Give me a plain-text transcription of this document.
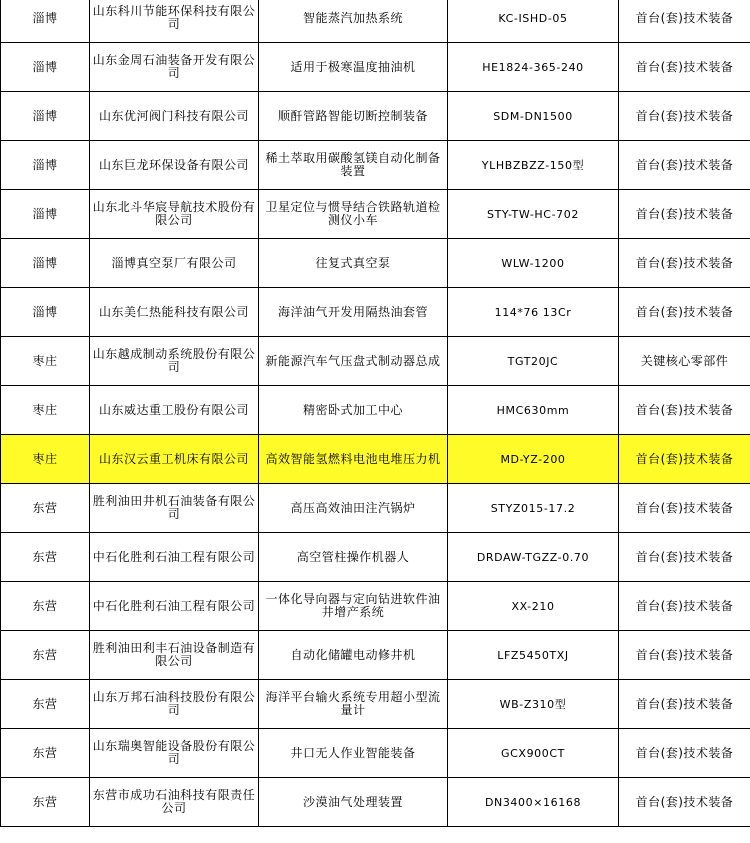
淄博	山东科川节能环保科技有限公司	智能蒸汽加热系统	KC-ISHD-05	首台(套)技术装备
淄博	山东金周石油装备开发有限公司	适用于极寒温度抽油机	HE1824-365-240	首台(套)技术装备
淄博	山东优河阀门科技有限公司	顺酐管路智能切断控制装备	SDM-DN1500	首台(套)技术装备
淄博	山东巨龙环保设备有限公司	稀土萃取用碳酸氢镁自动化制备装置	YLHBZBZZ-150型	首台(套)技术装备
淄博	山东北斗华宸导航技术股份有限公司	卫星定位与惯导结合铁路轨道检测仪小车	STY-TW-HC-702	首台(套)技术装备
淄博	淄博真空泵厂有限公司	往复式真空泵	WLW-1200	首台(套)技术装备
淄博	山东美仁热能科技有限公司	海洋油气开发用隔热油套管	114*76 13Cr	首台(套)技术装备
枣庄	山东越成制动系统股份有限公司	新能源汽车气压盘式制动器总成	TGT20JC	关键核心零部件
枣庄	山东威达重工股份有限公司	精密卧式加工中心	HMC630mm	首台(套)技术装备
枣庄	山东汉云重工机床有限公司	高效智能氢燃料电池电堆压力机	MD-YZ-200	首台(套)技术装备
东营	胜利油田井机石油装备有限公司	高压高效油田注汽锅炉	STYZ015-17.2	首台(套)技术装备
东营	中石化胜利石油工程有限公司	高空管柱操作机器人	DRDAW-TGZZ-0.70	首台(套)技术装备
东营	中石化胜利石油工程有限公司	一体化导向器与定向钻进软件油井增产系统	XX-210	首台(套)技术装备
东营	胜利油田利丰石油设备制造有限公司	自动化储罐电动修井机	LFZ5450TXJ	首台(套)技术装备
东营	山东万邦石油科技股份有限公司	海洋平台输火系统专用超小型流量计	WB-Z310型	首台(套)技术装备
东营	山东瑞奥智能设备股份有限公司	井口无人作业智能装备	GCX900CT	首台(套)技术装备
东营	东营市成功石油科技有限责任公司	沙漠油气处理装置	DN3400×16168	首台(套)技术装备
